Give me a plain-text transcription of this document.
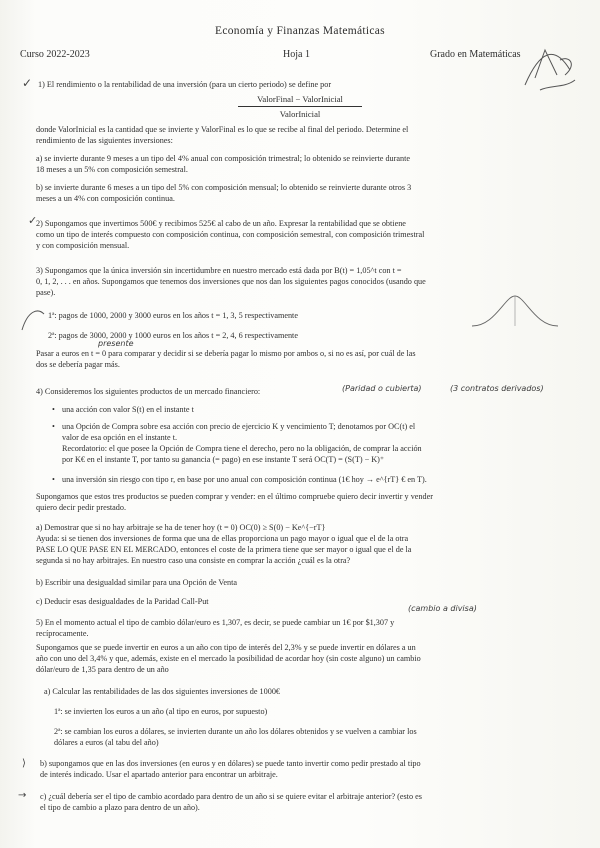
Economía y Finanzas Matemáticas
Curso 2022-2023	Hoja 1	Grado en Matemáticas
✓ 1) El rendimiento o la rentabilidad de una inversión (para un cierto periodo) se define por
ValorFinal − ValorInicial
ValorInicial
donde ValorInicial es la cantidad que se invierte y ValorFinal es lo que se recibe al final del periodo. Determine el
rendimiento de las siguientes inversiones:
a) se invierte durante 9 meses a un tipo del 4% anual con composición trimestral; lo obtenido se reinvierte durante
18 meses a un 5% con composición semestral.
b) se invierte durante 6 meses a un tipo del 5% con composición mensual; lo obtenido se reinvierte durante otros 3
meses a un 4% con composición continua.
✓
2) Supongamos que invertimos 500€ y recibimos 525€ al cabo de un año. Expresar la rentabilidad que se obtiene
como un tipo de interés compuesto con composición continua, con composición semestral, con composición trimestral
y con composición mensual.
3) Supongamos que la única inversión sin incertidumbre en nuestro mercado está dada por B(t) = 1,05^t con t =
0, 1, 2, . . . en años. Supongamos que tenemos dos inversiones que nos dan los siguientes pagos conocidos (usando que
pase).
1ª: pagos de 1000, 2000 y 3000 euros en los años t = 1, 3, 5 respectivamente
2ª: pagos de 3000, 2000 y 1000 euros en los años t = 2, 4, 6 respectivamente
presente
Pasar a euros en t = 0 para comparar y decidir si se debería pagar lo mismo por ambos o, si no es así, por cuál de las
dos se debería pagar más.
4) Consideremos los siguientes productos de un mercado financiero:	(Paridad o cubierta)	(3 contratos derivados)
• una acción con valor S(t) en el instante t
• una Opción de Compra sobre esa acción con precio de ejercicio K y vencimiento T; denotamos por OC(t) el
valor de esa opción en el instante t.
Recordatorio: el que posee la Opción de Compra tiene el derecho, pero no la obligación, de comprar la acción
por K€ en el instante T, por tanto su ganancia (= pago) en ese instante T será OC(T) = (S(T) − K)⁺
• una inversión sin riesgo con tipo r, en base por uno anual con composición continua (1€ hoy → e^{rT} € en T).
Supongamos que estos tres productos se pueden comprar y vender: en el último compruebe quiero decir invertir y vender
quiero decir pedir prestado.
a) Demostrar que si no hay arbitraje se ha de tener hoy (t = 0) OC(0) ≥ S(0) − Ke^{−rT}
Ayuda: si se tienen dos inversiones de forma que una de ellas proporciona un pago mayor o igual que el de la otra
PASE LO QUE PASE EN EL MERCADO, entonces el coste de la primera tiene que ser mayor o igual que el de la
segunda si no hay arbitrajes. En nuestro caso una consiste en comprar la acción ¿cuál es la otra?
b) Escribir una desigualdad similar para una Opción de Venta
c) Deducir esas desigualdades de la Paridad Call-Put
(cambio a divisa)
5) En el momento actual el tipo de cambio dólar/euro es 1,307, es decir, se puede cambiar un 1€ por $1,307 y
recíprocamente.
Supongamos que se puede invertir en euros a un año con tipo de interés del 2,3% y se puede invertir en dólares a un
año con uno del 3,4% y que, además, existe en el mercado la posibilidad de acordar hoy (sin coste alguno) un cambio
dólar/euro de 1,35 para dentro de un año
a) Calcular las rentabilidades de las dos siguientes inversiones de 1000€
1ª: se invierten los euros a un año (al tipo en euros, por supuesto)
2ª: se cambian los euros a dólares, se invierten durante un año los dólares obtenidos y se vuelven a cambiar los
dólares a euros (al tabu del año)
⟩ b) supongamos que en las dos inversiones (en euros y en dólares) se puede tanto invertir como pedir prestado al tipo
de interés indicado. Usar el apartado anterior para encontrar un arbitraje.
→ c) ¿cuál debería ser el tipo de cambio acordado para dentro de un año si se quiere evitar el arbitraje anterior? (esto es
el tipo de cambio a plazo para dentro de un año).
